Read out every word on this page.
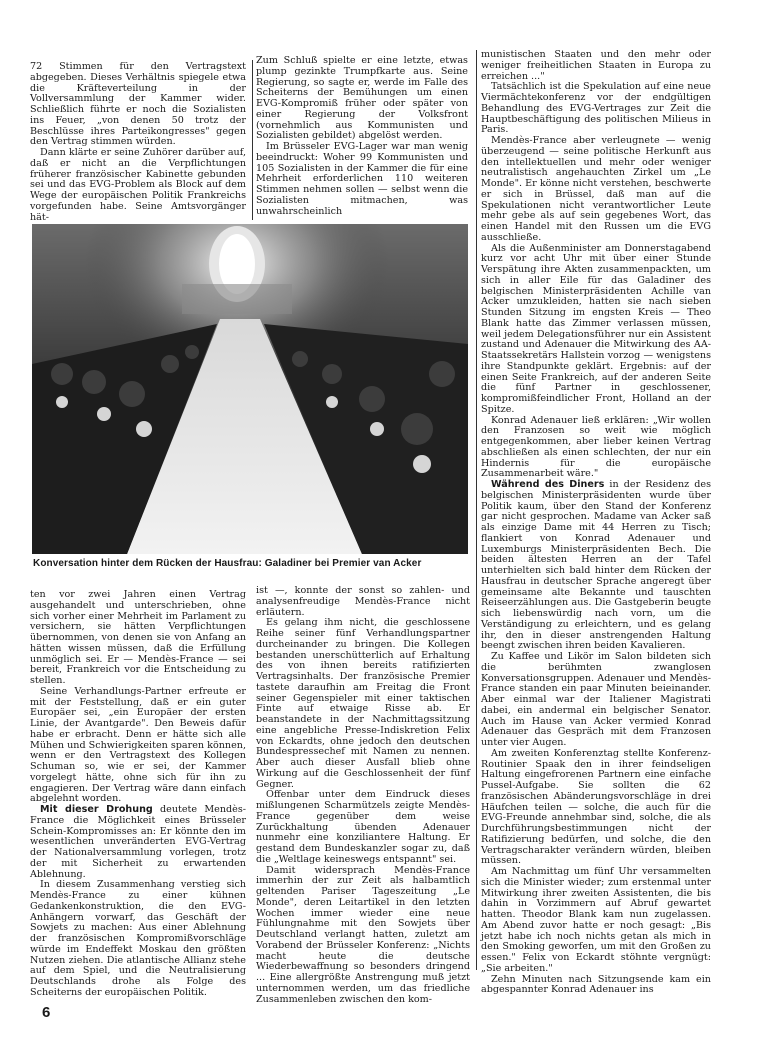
72 Stimmen für den Vertragstext abgegeben. Dieses Verhältnis spiegele etwa die Kräfteverteilung in der Vollversammlung der Kammer wider. Schließlich führte er noch die Sozialisten ins Feuer, „von denen 50 trotz der Beschlüsse ihres Parteikongresses" gegen den Vertrag stimmen würden.

Dann klärte er seine Zuhörer darüber auf, daß er nicht an die Verpflichtungen früherer französischer Kabinette gebunden sei und das EVG-Problem als Block auf dem Wege der europäischen Politik Frankreichs vorgefunden habe. Seine Amtsvorgänger hät-

Zum Schluß spielte er eine letzte, etwas plump gezinkte Trumpfkarte aus. Seine Regierung, so sagte er, werde im Falle des Scheiterns der Bemühungen um einen EVG-Kompromiß früher oder später von einer Regierung der Volksfront (vornehmlich aus Kommunisten und Sozialisten gebildet) abgelöst werden.

Im Brüsseler EVG-Lager war man wenig beeindruckt: Woher 99 Kommunisten und 105 Sozialisten in der Kammer die für eine Mehrheit erforderlichen 110 weiteren Stimmen nehmen sollen — selbst wenn die Sozialisten mitmachen, was unwahrscheinlich

munistischen Staaten und den mehr oder weniger freiheitlichen Staaten in Europa zu erreichen ..."

Tatsächlich ist die Spekulation auf eine neue Viermächtekonferenz vor der endgültigen Behandlung des EVG-Vertrages zur Zeit die Hauptbeschäftigung des politischen Milieus in Paris.

Mendès-France aber verleugnete — wenig überzeugend — seine politische Herkunft aus den intellektuellen und mehr oder weniger neutralistisch angehauchten Zirkel um „Le Monde". Er könne nicht verstehen, beschwerte er sich in Brüssel, daß man auf die Spekulationen nicht verantwortlicher Leute mehr gebe als auf sein gegebenes Wort, das einen Handel mit den Russen um die EVG ausschließe.

Als die Außenminister am Donnerstagabend kurz vor acht Uhr mit über einer Stunde Verspätung ihre Akten zusammenpackten, um sich in aller Eile für das Galadiner des belgischen Ministerpräsidenten Achille van Acker umzukleiden, hatten sie nach sieben Stunden Sitzung im engsten Kreis — Theo Blank hatte das Zimmer verlassen müssen, weil jedem Delegationsführer nur ein Assistent zustand und Adenauer die Mitwirkung des AA-Staatssekretärs Hallstein vorzog — wenigstens ihre Standpunkte geklärt. Ergebnis: auf der einen Seite Frankreich, auf der anderen Seite die fünf Partner in geschlossener, kompromißfeindlicher Front, Holland an der Spitze.

Konrad Adenauer ließ erklären: „Wir wollen den Franzosen so weit wie möglich entgegenkommen, aber lieber keinen Vertrag abschließen als einen schlechten, der nur ein Hindernis für die europäische Zusammenarbeit wäre."

Während des Diners in der Residenz des belgischen Ministerpräsidenten wurde über Politik kaum, über den Stand der Konferenz gar nicht gesprochen. Madame van Acker saß als einzige Dame mit 44 Herren zu Tisch; flankiert von Konrad Adenauer und Luxemburgs Ministerpräsidenten Bech. Die beiden ältesten Herren an der Tafel unterhielten sich bald hinter dem Rücken der Hausfrau in deutscher Sprache angeregt über gemeinsame alte Bekannte und tauschten Reiseerzählungen aus. Die Gastgeberin beugte sich liebenswürdig nach vorn, um die Verständigung zu erleichtern, und es gelang ihr, den in dieser anstrengenden Haltung beengt zwischen ihren beiden Kavalieren.

Zu Kaffee und Likör im Salon bildeten sich die berühmten zwanglosen Konversationsgruppen. Adenauer und Mendès-France standen ein paar Minuten beieinander. Aber einmal war der Italiener Magistrati dabei, ein andermal ein belgischer Senator. Auch im Hause van Acker vermied Konrad Adenauer das Gespräch mit dem Franzosen unter vier Augen.

Am zweiten Konferenztag stellte Konferenz-Routinier Spaak den in ihrer feindseligen Haltung eingefrorenen Partnern eine einfache Pussel-Aufgabe. Sie sollten die 62 französischen Abänderungsvorschläge in drei Häufchen teilen — solche, die auch für die EVG-Freunde annehmbar sind, solche, die als Durchführungsbestimmungen nicht der Ratifizierung bedürfen, und solche, die den Vertragscharakter verändern würden, bleiben müssen.

Am Nachmittag um fünf Uhr versammelten sich die Minister wieder; zum erstenmal unter Mitwirkung ihrer zweiten Assistenten, die bis dahin in Vorzimmern auf Abruf gewartet hatten. Theodor Blank kam nun zugelassen. Am Abend zuvor hatte er noch gesagt: „Bis jetzt habe ich noch nichts getan als mich in den Smoking geworfen, um mit den Großen zu essen." Felix von Eckardt stöhnte vergnügt: „Sie arbeiten."

Zehn Minuten nach Sitzungsende kam ein abgespannter Konrad Adenauer ins

Konversation hinter dem Rücken der Hausfrau: Galadiner bei Premier van Acker

ten vor zwei Jahren einen Vertrag ausgehandelt und unterschrieben, ohne sich vorher einer Mehrheit im Parlament zu versichern, sie hätten Verpflichtungen übernommen, von denen sie von Anfang an hätten wissen müssen, daß die Erfüllung unmöglich sei. Er — Mendès-France — sei bereit, Frankreich vor die Entscheidung zu stellen.

Seine Verhandlungs-Partner erfreute er mit der Feststellung, daß er ein guter Europäer sei, „ein Europäer der ersten Linie, der Avantgarde". Den Beweis dafür habe er erbracht. Denn er hätte sich alle Mühen und Schwierigkeiten sparen können, wenn er den Vertragstext des Kollegen Schuman so, wie er sei, der Kammer vorgelegt hätte, ohne sich für ihn zu engagieren. Der Vertrag wäre dann einfach abgelehnt worden.

Mit dieser Drohung deutete Mendès-France die Möglichkeit eines Brüsseler Schein-Kompromisses an: Er könnte den im wesentlichen unveränderten EVG-Vertrag der Nationalversammlung vorlegen, trotz der mit Sicherheit zu erwartenden Ablehnung.

In diesem Zusammenhang verstieg sich Mendès-France zu einer kühnen Gedankenkonstruktion, die den EVG-Anhängern vorwarf, das Geschäft der Sowjets zu machen: Aus einer Ablehnung der französischen Kompromißvorschläge würde im Endeffekt Moskau den größten Nutzen ziehen. Die atlantische Allianz stehe auf dem Spiel, und die Neutralisierung Deutschlands drohe als Folge des Scheiterns der europäischen Politik.

ist —, konnte der sonst so zahlen- und analysenfreudige Mendès-France nicht erläutern.

Es gelang ihm nicht, die geschlossene Reihe seiner fünf Verhandlungspartner durcheinander zu bringen. Die Kollegen bestanden unerschütterlich auf Erhaltung des von ihnen bereits ratifizierten Vertragsinhalts. Der französische Premier tastete daraufhin am Freitag die Front seiner Gegenspieler mit einer taktischen Finte auf etwaige Risse ab. Er beanstandete in der Nachmittagssitzung eine angebliche Presse-Indiskretion Felix von Eckardts, ohne jedoch den deutschen Bundespressechef mit Namen zu nennen. Aber auch dieser Ausfall blieb ohne Wirkung auf die Geschlossenheit der fünf Gegner.

Offenbar unter dem Eindruck dieses mißlungenen Scharmützels zeigte Mendès-France gegenüber dem weise Zurückhaltung übenden Adenauer nunmehr eine konziliantere Haltung. Er gestand dem Bundeskanzler sogar zu, daß die „Weltlage keineswegs entspannt" sei.

Damit widersprach Mendès-France immerhin der zur Zeit als halbamtlich geltenden Pariser Tageszeitung „Le Monde", deren Leitartikel in den letzten Wochen immer wieder eine neue Fühlungnahme mit den Sowjets über Deutschland verlangt hatten, zuletzt am Vorabend der Brüsseler Konferenz: „Nichts macht heute die deutsche Wiederbewaffnung so besonders dringend ... Eine allergrößte Anstrengung muß jetzt unternommen werden, um das friedliche Zusammenleben zwischen den kom-

6
